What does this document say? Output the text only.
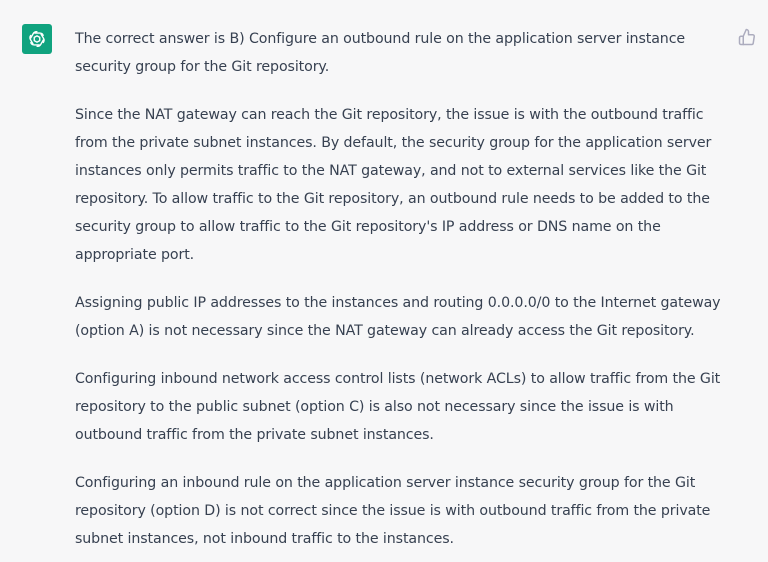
The correct answer is B) Configure an outbound rule on the application server instance security group for the Git repository.

Since the NAT gateway can reach the Git repository, the issue is with the outbound traffic from the private subnet instances. By default, the security group for the application server instances only permits traffic to the NAT gateway, and not to external services like the Git repository. To allow traffic to the Git repository, an outbound rule needs to be added to the security group to allow traffic to the Git repository's IP address or DNS name on the appropriate port.

Assigning public IP addresses to the instances and routing 0.0.0.0/0 to the Internet gateway (option A) is not necessary since the NAT gateway can already access the Git repository.

Configuring inbound network access control lists (network ACLs) to allow traffic from the Git repository to the public subnet (option C) is also not necessary since the issue is with outbound traffic from the private subnet instances.

Configuring an inbound rule on the application server instance security group for the Git repository (option D) is not correct since the issue is with outbound traffic from the private subnet instances, not inbound traffic to the instances.
